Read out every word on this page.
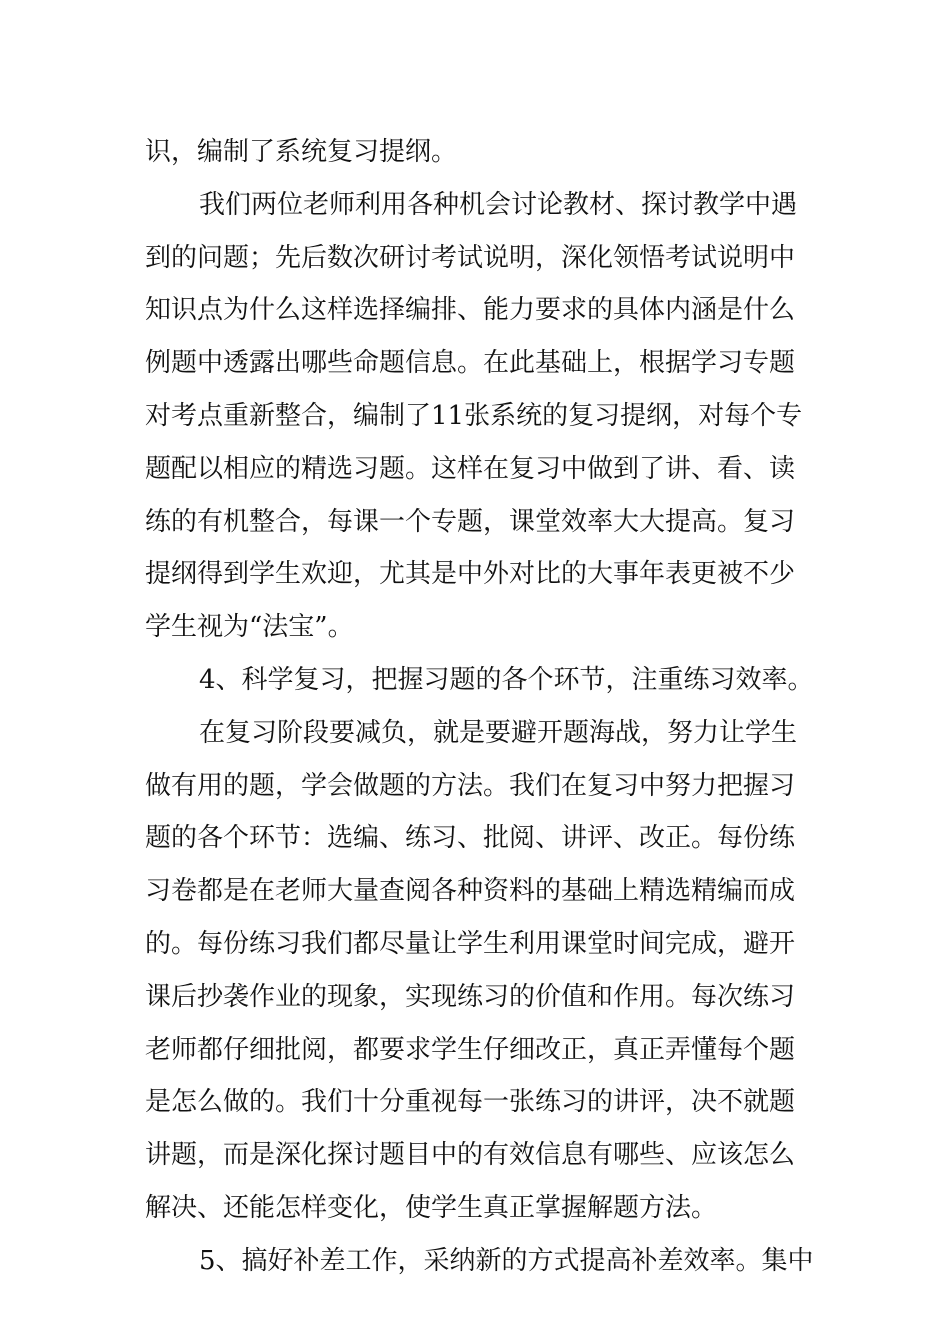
识，编制了系统复习提纲。
我们两位老师利用各种机会讨论教材、探讨教学中遇
到的问题；先后数次研讨考试说明，深化领悟考试说明中
知识点为什么这样选择编排、能力要求的具体内涵是什么
例题中透露出哪些命题信息。在此基础上，根据学习专题
对考点重新整合，编制了11张系统的复习提纲，对每个专
题配以相应的精选习题。这样在复习中做到了讲、看、读
练的有机整合，每课一个专题，课堂效率大大提高。复习
提纲得到学生欢迎，尤其是中外对比的大事年表更被不少
学生视为“法宝”。
4、科学复习，把握习题的各个环节，注重练习效率。
在复习阶段要减负，就是要避开题海战，努力让学生
做有用的题，学会做题的方法。我们在复习中努力把握习
题的各个环节：选编、练习、批阅、讲评、改正。每份练
习卷都是在老师大量查阅各种资料的基础上精选精编而成
的。每份练习我们都尽量让学生利用课堂时间完成，避开
课后抄袭作业的现象，实现练习的价值和作用。每次练习
老师都仔细批阅，都要求学生仔细改正，真正弄懂每个题
是怎么做的。我们十分重视每一张练习的讲评，决不就题
讲题，而是深化探讨题目中的有效信息有哪些、应该怎么
解决、还能怎样变化，使学生真正掌握解题方法。
5、搞好补差工作，采纳新的方式提高补差效率。集中
